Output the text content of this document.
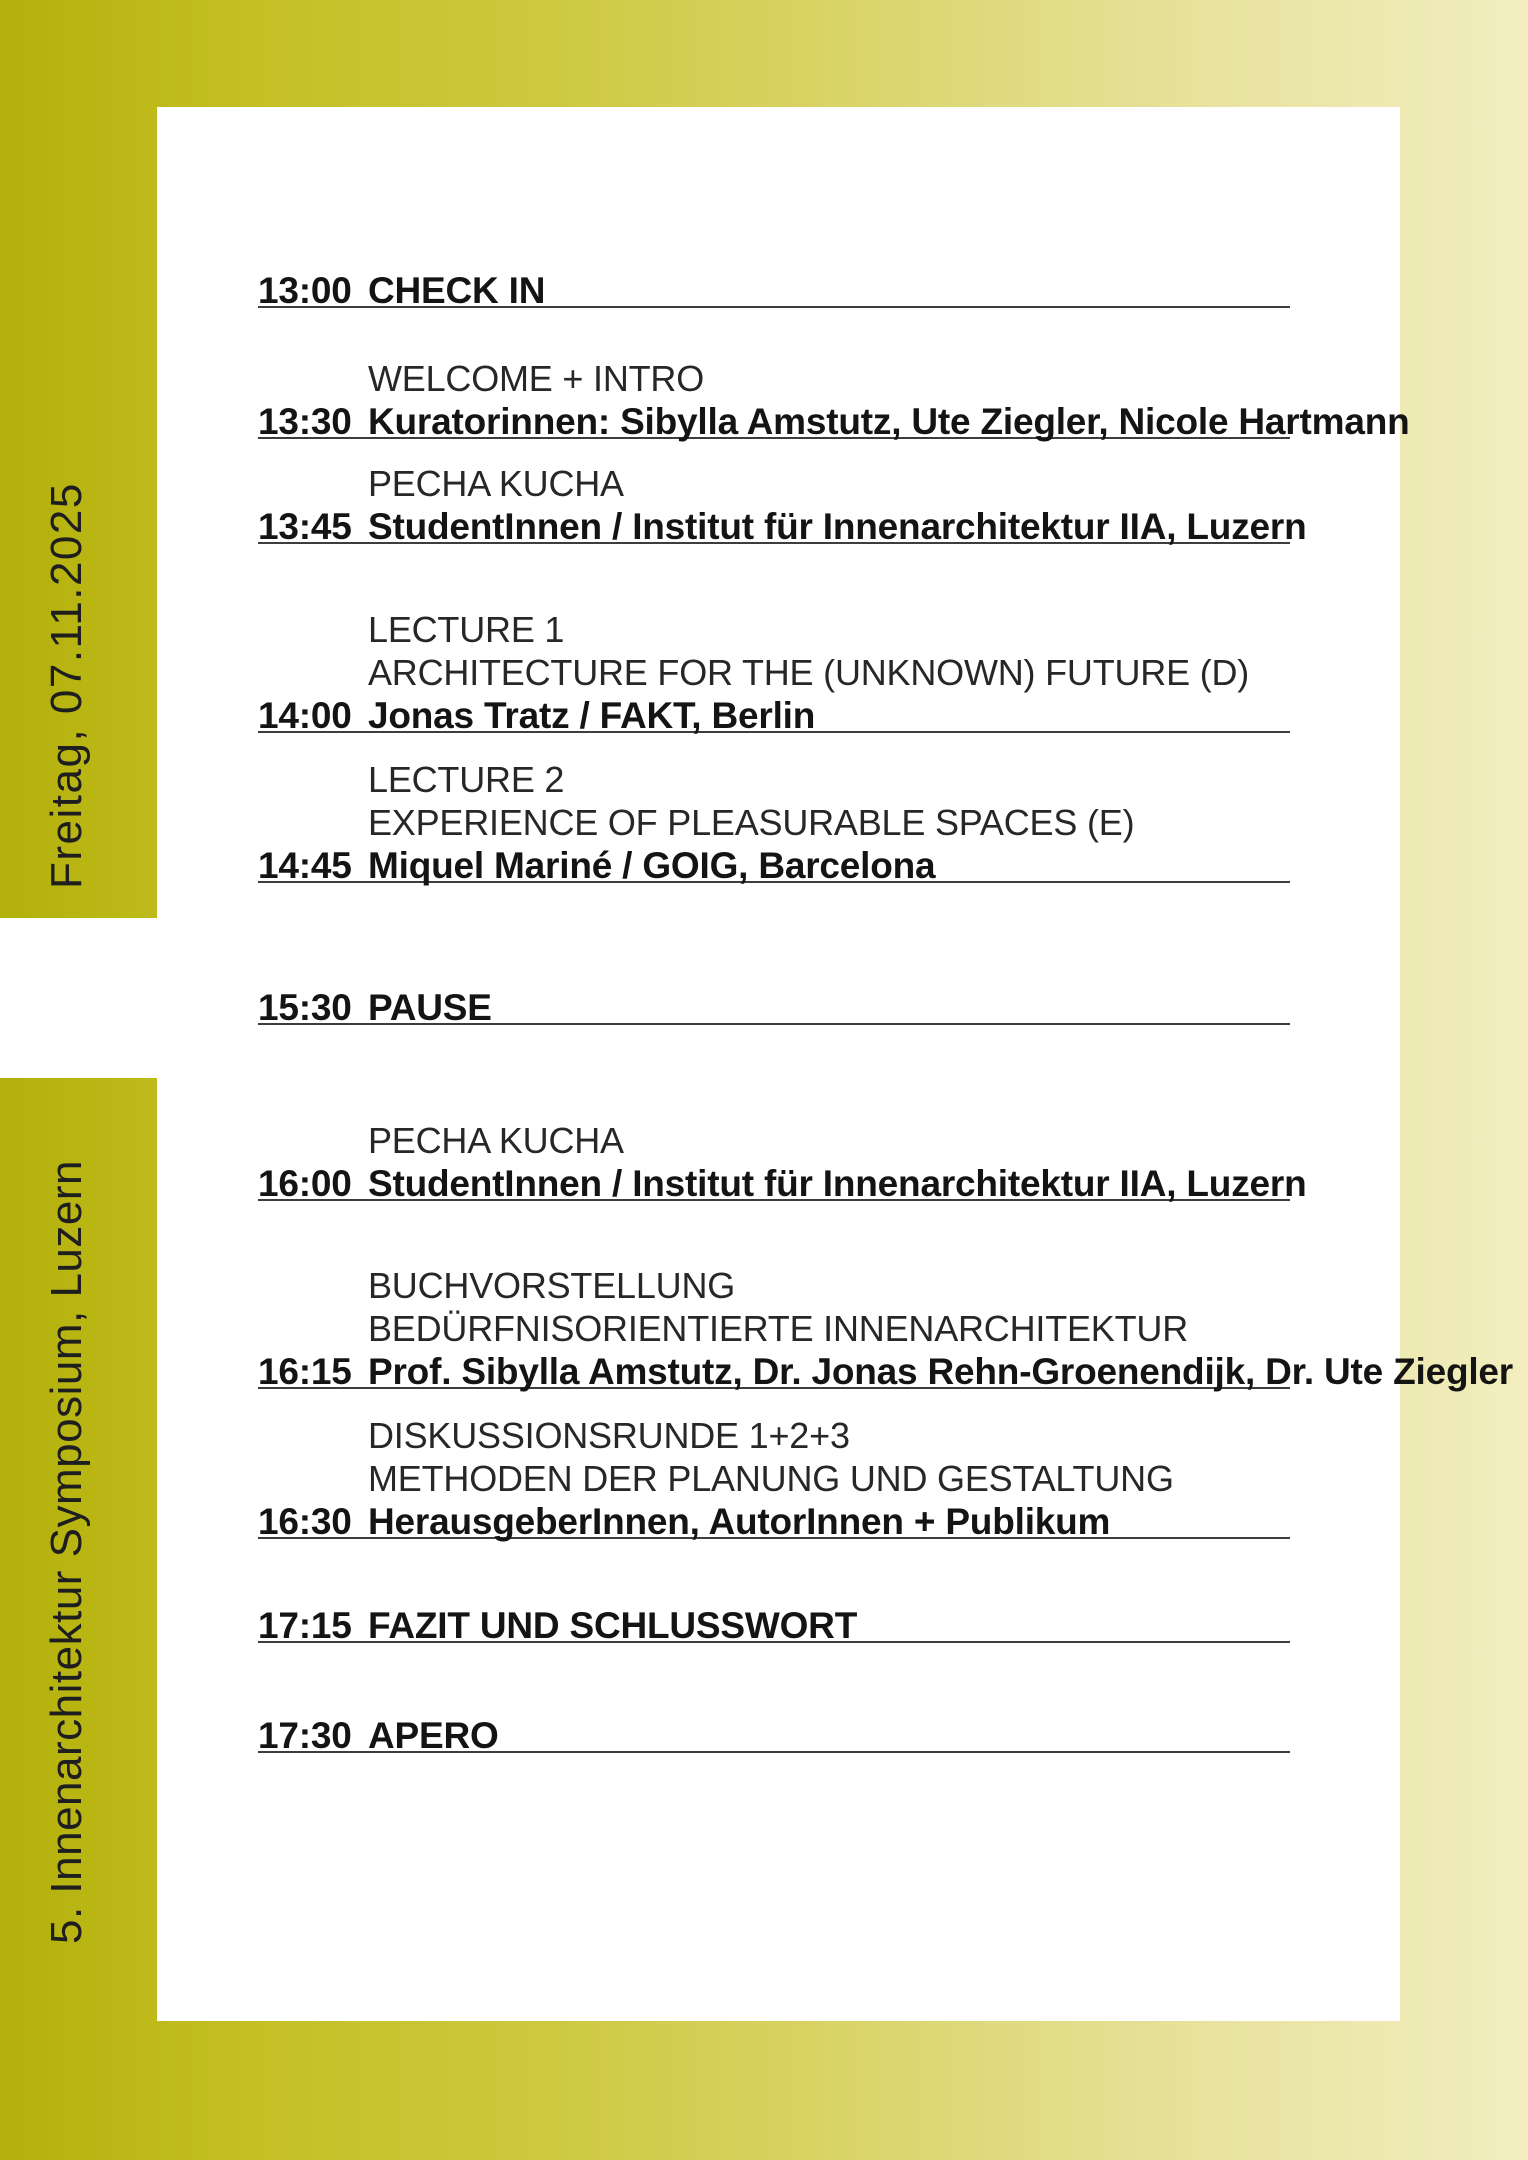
Freitag, 07.11.2025
5. Innenarchitektur Symposium, Luzern
13:00 CHECK IN
WELCOME + INTRO
13:30 Kuratorinnen: Sibylla Amstutz, Ute Ziegler, Nicole Hartmann
PECHA KUCHA
13:45 StudentInnen / Institut für Innenarchitektur IIA, Luzern
LECTURE 1
ARCHITECTURE FOR THE (UNKNOWN) FUTURE (D)
14:00 Jonas Tratz / FAKT, Berlin
LECTURE 2
EXPERIENCE OF PLEASURABLE SPACES (E)
14:45 Miquel Mariné / GOIG, Barcelona
15:30 PAUSE
PECHA KUCHA
16:00 StudentInnen / Institut für Innenarchitektur IIA, Luzern
BUCHVORSTELLUNG
BEDÜRFNISORIENTIERTE INNENARCHITEKTUR
16:15 Prof. Sibylla Amstutz, Dr. Jonas Rehn-Groenendijk, Dr. Ute Ziegler
DISKUSSIONSRUNDE 1+2+3
METHODEN DER PLANUNG UND GESTALTUNG
16:30 HerausgeberInnen, AutorInnen + Publikum
17:15 FAZIT UND SCHLUSSWORT
17:30 APERO
